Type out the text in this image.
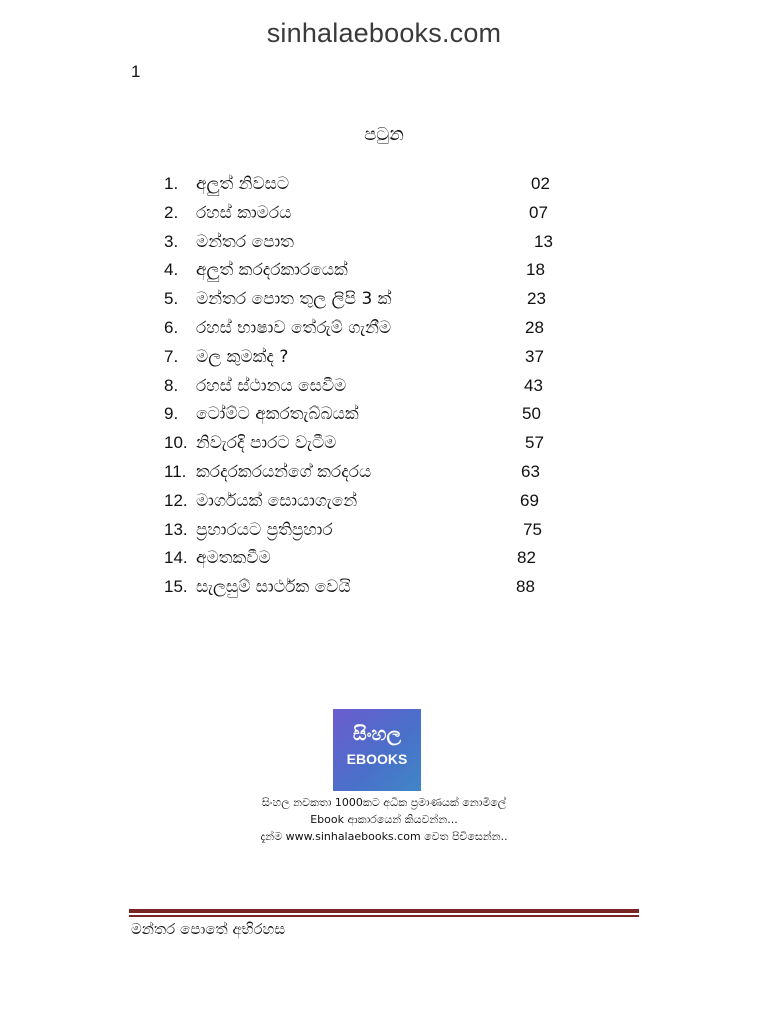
sinhalaebooks.com
1
පටුන
1. අලුත් නිවසට	02
2. රහස් කාමරය	07
3. මන්තර පොත	13
4. අලුත් කරදරකාරයෙක්	18
5. මන්තර පොත තුල ලිපි 3 ක්	23
6. රහස් භාෂාව තේරුම් ගැනීම	28
7. මල කුමක්ද ?	37
8. රහස් ස්ථානය සෙවීම	43
9. ටෝම්ට අකරතැබ්බයක්	50
10. නිවැරදි පාරට වැටීම	57
11. කරදරකරයන්ගේ කරදරය	63
12. මාර්ගයක් සොයාගැනේ	69
13. ප්‍රහාරයට ප්‍රතිප්‍රහාර	75
14. අමතකවීම	82
15. සැලසුම් සාර්ථක වෙයි	88
සිංහල
EBOOKS
සිංහල නවකතා 1000කට අධික ප්‍රමාණයක් නොමිලේ
Ebook ආකාරයෙන් කියවන්න...
දැන්ම www.sinhalaebooks.com වෙත පිවිසෙන්න..
මන්තර පොතේ අභිරහස
